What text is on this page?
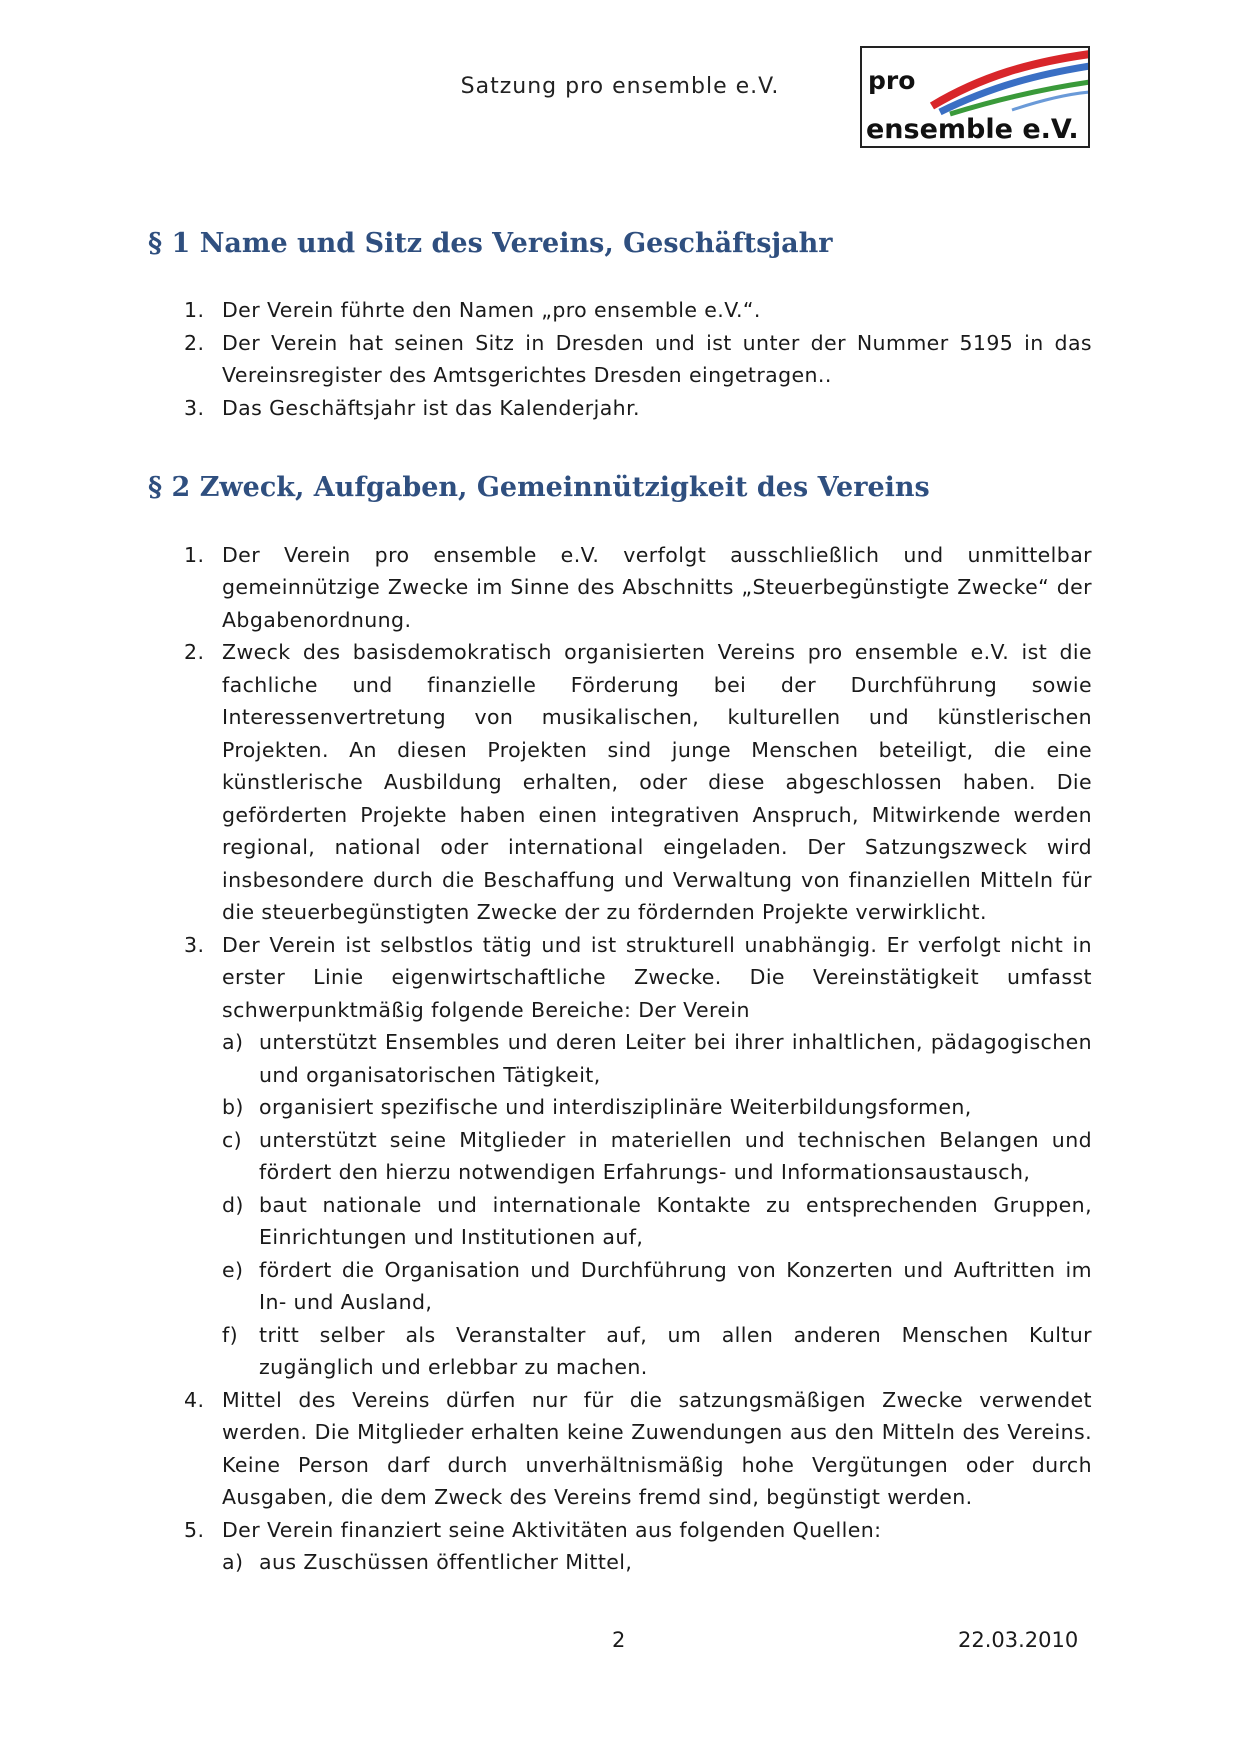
Satzung pro ensemble e.V.	pro
ensemble e.V.
§ 1 Name und Sitz des Vereins, Geschäftsjahr
1. Der Verein führte den Namen „pro ensemble e.V.“.
2. Der Verein hat seinen Sitz in Dresden und ist unter der Nummer 5195 in das Vereinsregister des Amtsgerichtes Dresden eingetragen..
3. Das Geschäftsjahr ist das Kalenderjahr.
§ 2 Zweck, Aufgaben, Gemeinnützigkeit des Vereins
1. Der Verein pro ensemble e.V. verfolgt ausschließlich und unmittelbar gemeinnützige Zwecke im Sinne des Abschnitts „Steuerbegünstigte Zwecke“ der Abgabenordnung.
2. Zweck des basisdemokratisch organisierten Vereins pro ensemble e.V. ist die fachliche und finanzielle Förderung bei der Durchführung sowie Interessenvertretung von musikalischen, kulturellen und künstlerischen Projekten. An diesen Projekten sind junge Menschen beteiligt, die eine künstlerische Ausbildung erhalten, oder diese abgeschlossen haben. Die geförderten Projekte haben einen integrativen Anspruch, Mitwirkende werden regional, national oder international eingeladen. Der Satzungszweck wird insbesondere durch die Beschaffung und Verwaltung von finanziellen Mitteln für die steuerbegünstigten Zwecke der zu fördernden Projekte verwirklicht.
3. Der Verein ist selbstlos tätig und ist strukturell unabhängig. Er verfolgt nicht in erster Linie eigenwirtschaftliche Zwecke. Die Vereinstätigkeit umfasst schwerpunktmäßig folgende Bereiche: Der Verein
a) unterstützt Ensembles und deren Leiter bei ihrer inhaltlichen, pädagogischen und organisatorischen Tätigkeit,
b) organisiert spezifische und interdisziplinäre Weiterbildungsformen,
c) unterstützt seine Mitglieder in materiellen und technischen Belangen und fördert den hierzu notwendigen Erfahrungs- und Informationsaustausch,
d) baut nationale und internationale Kontakte zu entsprechenden Gruppen, Einrichtungen und Institutionen auf,
e) fördert die Organisation und Durchführung von Konzerten und Auftritten im In- und Ausland,
f) tritt selber als Veranstalter auf, um allen anderen Menschen Kultur zugänglich und erlebbar zu machen.
4. Mittel des Vereins dürfen nur für die satzungsmäßigen Zwecke verwendet werden. Die Mitglieder erhalten keine Zuwendungen aus den Mitteln des Vereins. Keine Person darf durch unverhältnismäßig hohe Vergütungen oder durch Ausgaben, die dem Zweck des Vereins fremd sind, begünstigt werden.
5. Der Verein finanziert seine Aktivitäten aus folgenden Quellen:
a) aus Zuschüssen öffentlicher Mittel,
2	22.03.2010
